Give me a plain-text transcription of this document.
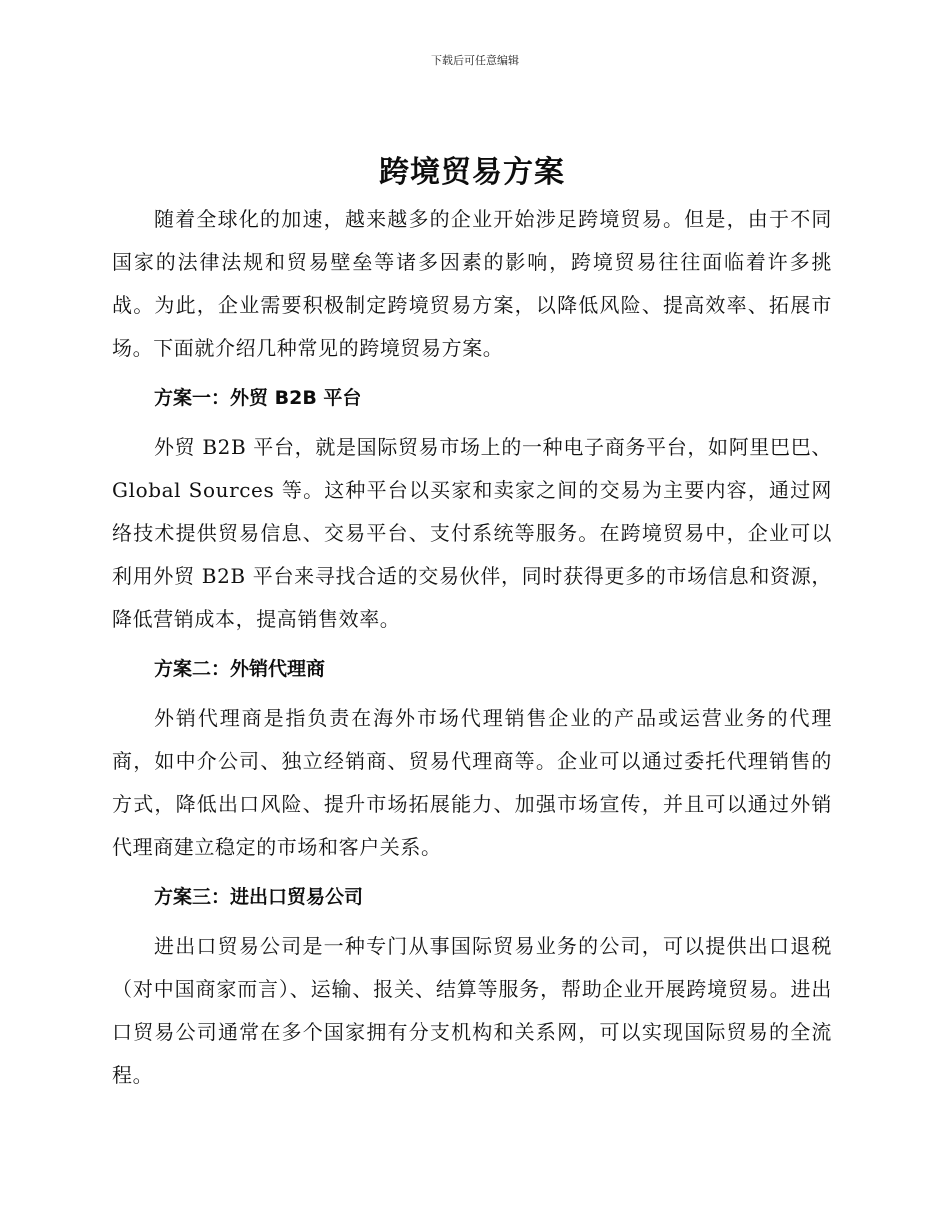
下载后可任意编辑
跨境贸易方案

随着全球化的加速，越来越多的企业开始涉足跨境贸易。但是，由于不同国家的法律法规和贸易壁垒等诸多因素的影响，跨境贸易往往面临着许多挑战。为此，企业需要积极制定跨境贸易方案，以降低风险、提高效率、拓展市场。下面就介绍几种常见的跨境贸易方案。

方案一：外贸 B2B 平台

外贸 B2B 平台，就是国际贸易市场上的一种电子商务平台，如阿里巴巴、Global Sources 等。这种平台以买家和卖家之间的交易为主要内容，通过网络技术提供贸易信息、交易平台、支付系统等服务。在跨境贸易中，企业可以利用外贸 B2B 平台来寻找合适的交易伙伴，同时获得更多的市场信息和资源，降低营销成本，提高销售效率。

方案二：外销代理商

外销代理商是指负责在海外市场代理销售企业的产品或运营业务的代理商，如中介公司、独立经销商、贸易代理商等。企业可以通过委托代理销售的方式，降低出口风险、提升市场拓展能力、加强市场宣传，并且可以通过外销代理商建立稳定的市场和客户关系。

方案三：进出口贸易公司

进出口贸易公司是一种专门从事国际贸易业务的公司，可以提供出口退税（对中国商家而言）、运输、报关、结算等服务，帮助企业开展跨境贸易。进出口贸易公司通常在多个国家拥有分支机构和关系网，可以实现国际贸易的全流程。
